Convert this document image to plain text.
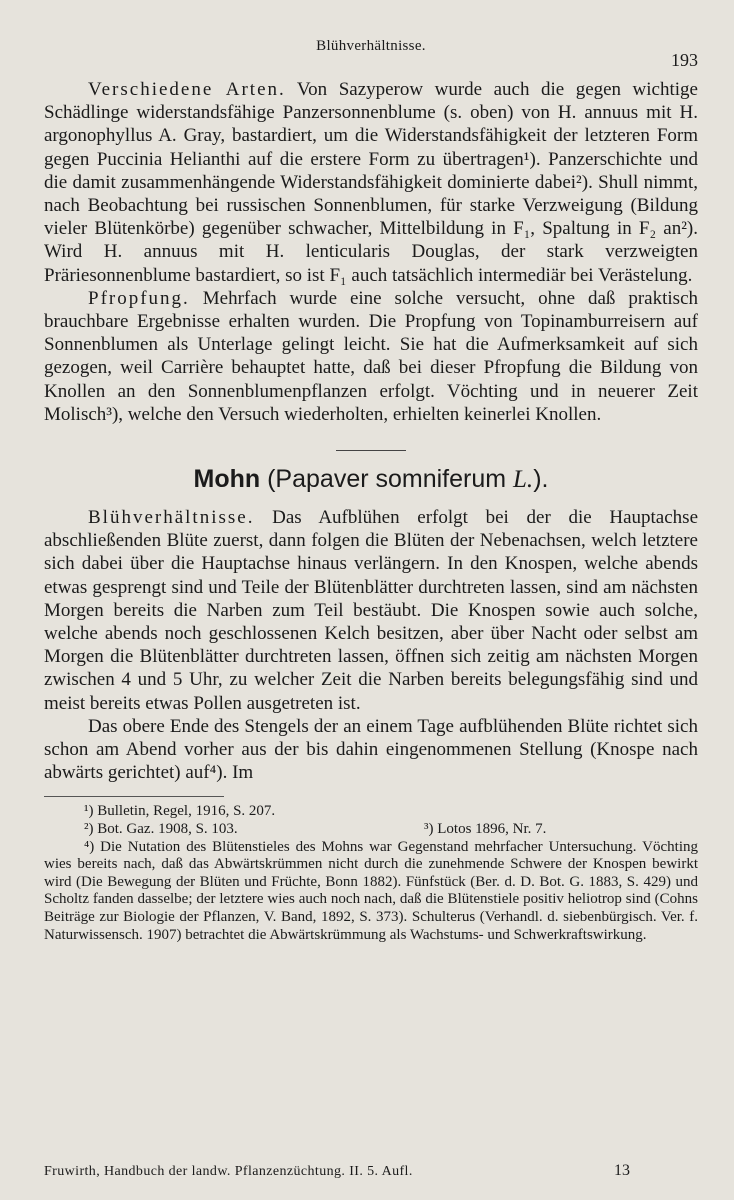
Blühverhältnisse.
193

Verschiedene Arten. Von Sazyperow wurde auch die gegen wichtige Schädlinge widerstandsfähige Panzersonnenblume (s. oben) von H. annuus mit H. argonophyllus A. Gray, bastardiert, um die Widerstandsfähigkeit der letzteren Form gegen Puccinia Helianthi auf die erstere Form zu übertragen¹). Panzerschichte und die damit zusammenhängende Widerstandsfähigkeit dominierte dabei²). Shull nimmt, nach Beobachtung bei russischen Sonnenblumen, für starke Verzweigung (Bildung vieler Blütenkörbe) gegenüber schwacher, Mittelbildung in F₁, Spaltung in F₂ an²). Wird H. annuus mit H. lenticularis Douglas, der stark verzweigten Präriesonnenblume bastardiert, so ist F₁ auch tatsächlich intermediär bei Verästelung.

Pfropfung. Mehrfach wurde eine solche versucht, ohne daß praktisch brauchbare Ergebnisse erhalten wurden. Die Propfung von Topinamburreisern auf Sonnenblumen als Unterlage gelingt leicht. Sie hat die Aufmerksamkeit auf sich gezogen, weil Carrière behauptet hatte, daß bei dieser Pfropfung die Bildung von Knollen an den Sonnenblumenpflanzen erfolgt. Vöchting und in neuerer Zeit Molisch³), welche den Versuch wiederholten, erhielten keinerlei Knollen.

Mohn (Papaver somniferum L.).

Blühverhältnisse. Das Aufblühen erfolgt bei der die Hauptachse abschließenden Blüte zuerst, dann folgen die Blüten der Nebenachsen, welch letztere sich dabei über die Hauptachse hinaus verlängern. In den Knospen, welche abends etwas gesprengt sind und Teile der Blütenblätter durchtreten lassen, sind am nächsten Morgen bereits die Narben zum Teil bestäubt. Die Knospen sowie auch solche, welche abends noch geschlossenen Kelch besitzen, aber über Nacht oder selbst am Morgen die Blütenblätter durchtreten lassen, öffnen sich zeitig am nächsten Morgen zwischen 4 und 5 Uhr, zu welcher Zeit die Narben bereits belegungsfähig sind und meist bereits etwas Pollen ausgetreten ist.

Das obere Ende des Stengels der an einem Tage aufblühenden Blüte richtet sich schon am Abend vorher aus der bis dahin eingenommenen Stellung (Knospe nach abwärts gerichtet) auf⁴). Im

¹) Bulletin, Regel, 1916, S. 207.
²) Bot. Gaz. 1908, S. 103.	³) Lotos 1896, Nr. 7.

⁴) Die Nutation des Blütenstieles des Mohns war Gegenstand mehrfacher Untersuchung. Vöchting wies bereits nach, daß das Abwärtskrümmen nicht durch die zunehmende Schwere der Knospen bewirkt wird (Die Bewegung der Blüten und Früchte, Bonn 1882). Fünfstück (Ber. d. D. Bot. G. 1883, S. 429) und Scholtz fanden dasselbe; der letztere wies auch noch nach, daß die Blütenstiele positiv heliotrop sind (Cohns Beiträge zur Biologie der Pflanzen, V. Band, 1892, S. 373). Schulterus (Verhandl. d. siebenbürgisch. Ver. f. Naturwissensch. 1907) betrachtet die Abwärtskrümmung als Wachstums- und Schwerkraftswirkung.

Fruwirth, Handbuch der landw. Pflanzenzüchtung. II. 5. Aufl.	13
